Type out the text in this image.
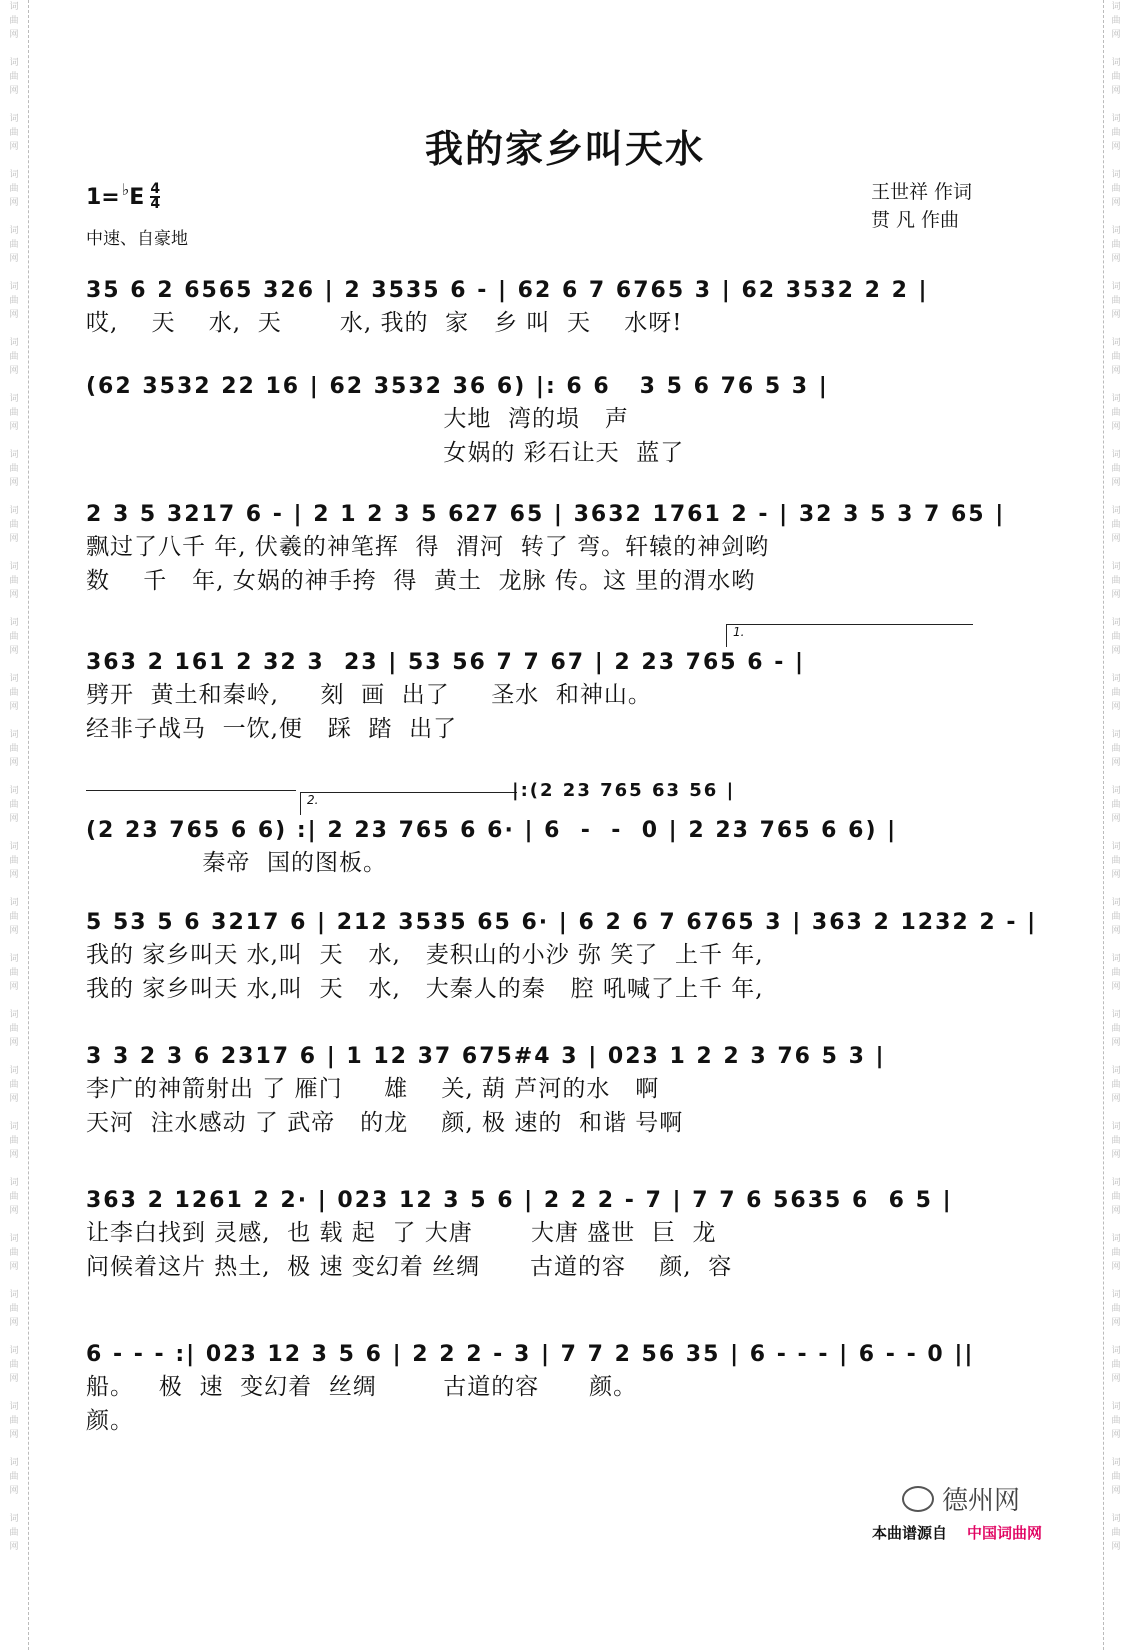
词
曲
网
词
曲
网
词
曲
网
词
曲
网
词
曲
网
词
曲
网
词
曲
网
词
曲
网
词
曲
网
词
曲
网
词
曲
网
词
曲
网
词
曲
网
词
曲
网
词
曲
网
词
曲
网
词
曲
网
词
曲
网
词
曲
网
词
曲
网
词
曲
网
词
曲
网
词
曲
网
词
曲
网
词
曲
网
词
曲
网
词
曲
网
词
曲
网
词
曲
网
词
曲
网
词
曲
网
词
曲
网
词
曲
网
词
曲
网
词
曲
网
词
曲
网
词
曲
网
词
曲
网
词
曲
网
词
曲
网
词
曲
网
词
曲
网
词
曲
网
词
曲
网
词
曲
网
词
曲
网
词
曲
网
词
曲
网
词
曲
网
词
曲
网
词
曲
网
词
曲
网
词
曲
网
词
曲
网
词
曲
网
词
曲
网
我的家乡叫天水
1= ♭ E $\frac{4}{4}$
中速、自豪地
王世祥 作词
贯 凡 作曲
35 6 2 6565 326 | 2 3535 6 - | 62 6 7 6765 3 | 62 3532 2 2 |
哎,    天    水,  天       水, 我的  家   乡 叫  天    水呀!
(62 3532 22 16 | 62 3532 36 6) |: 6 6   3 5 6 76 5 3 |
大地  湾的埙   声
女娲的 彩石让天  蓝了
2 3 5 3217 6 - | 2 1 2 3 5 627 65 | 3632 1761 2 - | 32 3 5 3 7 65 |
飘过了八千 年, 伏羲的神笔挥  得  渭河  转了 弯。轩辕的神剑哟
数    千   年, 女娲的神手挎  得  黄土  龙脉 传。这 里的渭水哟
1.
363 2 161 2 32 3  23 | 53 56 7 7 67 | 2 23 765 6 - |
劈开  黄土和秦岭,     刻  画  出了     圣水  和神山。
经非子战马  一饮,便   踩  踏  出了
2.	|:(2 23 765 63 56 |
(2 23 765 6 6) :| 2 23 765 6 6· | 6  -  -  0 | 2 23 765 6 6) |
秦帝  国的图板。
5 53 5 6 3217 6 | 212 3535 65 6· | 6 2 6 7 6765 3 | 363 2 1232 2 - |
我的 家乡叫天 水,叫  天   水,   麦积山的小沙 弥 笑了  上千 年,
我的 家乡叫天 水,叫  天   水,   大秦人的秦   腔 吼喊了上千 年,
3 3 2 3 6 2317 6 | 1 12 37 675#4 3 | 023 1 2 2 3 76 5 3 |
李广的神箭射出 了 雁门     雄    关, 葫 芦河的水   啊
天河  注水感动 了 武帝   的龙    颜, 极 速的  和谐 号啊
363 2 1261 2 2· | 023 12 3 5 6 | 2 2 2 - 7 | 7 7 6 5635 6  6 5 |
让李白找到 灵感,  也 载 起  了 大唐       大唐 盛世  巨  龙
问候着这片 热土,  极 速 变幻着 丝绸      古道的容    颜,  容
6 - - - :| 023 12 3 5 6 | 2 2 2 - 3 | 7 7 2 56 35 | 6 - - - | 6 - - 0 ||
船。   极  速  变幻着  丝绸        古道的容      颜。
颜。
德州网
本曲谱源自 中国词曲网
